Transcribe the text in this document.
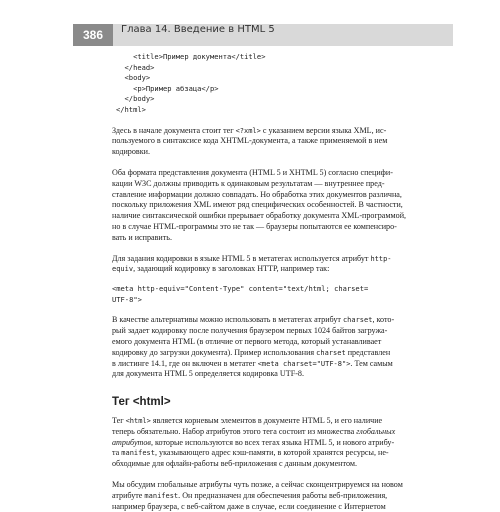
386	Глава 14. Введение в HTML 5
<title>Пример документа</title>
</head>
<body>
<p>Пример абзаца</p>
</body>
</html>
Здесь в начале документа стоит тег <?xml> с указанием версии языка XML, ис-
пользуемого в синтаксисе кода XHTML-документа, а также применяемой в нем
кодировки.
Оба формата представления документа (HTML 5 и XHTML 5) согласно специфи-
кации W3C должны приводить к одинаковым результатам — внутреннее пред-
ставление информации должно совпадать. Но обработка этих документов различна,
поскольку приложения XML имеют ряд специфических особенностей. В частности,
наличие синтаксической ошибки прерывает обработку документа XML-программой,
но в случае HTML-программы это не так — браузеры попытаются ее компенсиро-
вать и исправить.
Для задания кодировки в языке HTML 5 в метатегах используется атрибут http-
equiv, задающий кодировку в заголовках HTTP, например так:
<meta http-equiv="Content-Type" content="text/html; charset=
UTF-8">
В качестве альтернативы можно использовать в метатегах атрибут charset, кото-
рый задает кодировку после получения браузером первых 1024 байтов загружа-
емого документа HTML (в отличие от первого метода, который устанавливает
кодировку до загрузки документа). Пример использования charset представлен
в листинге 14.1, где он включен в метатег <meta charset="UTF-8">. Тем самым
для документа HTML 5 определяется кодировка UTF-8.
Тег <html>
Тег <html> является корневым элементов в документе HTML 5, и его наличие
теперь обязательно. Набор атрибутов этого тега состоит из множества глобальных
атрибутов, которые используются во всех тегах языка HTML 5, и нового атрибу-
та manifest, указывающего адрес кэш-памяти, в которой хранятся ресурсы, не-
обходимые для офлайн-работы веб-приложения с данным документом.
Мы обсудим глобальные атрибуты чуть позже, а сейчас сконцентрируемся на новом
атрибуте manifest. Он предназначен для обеспечения работы веб-приложения,
например браузера, с веб-сайтом даже в случае, если соединение с Интернетом
